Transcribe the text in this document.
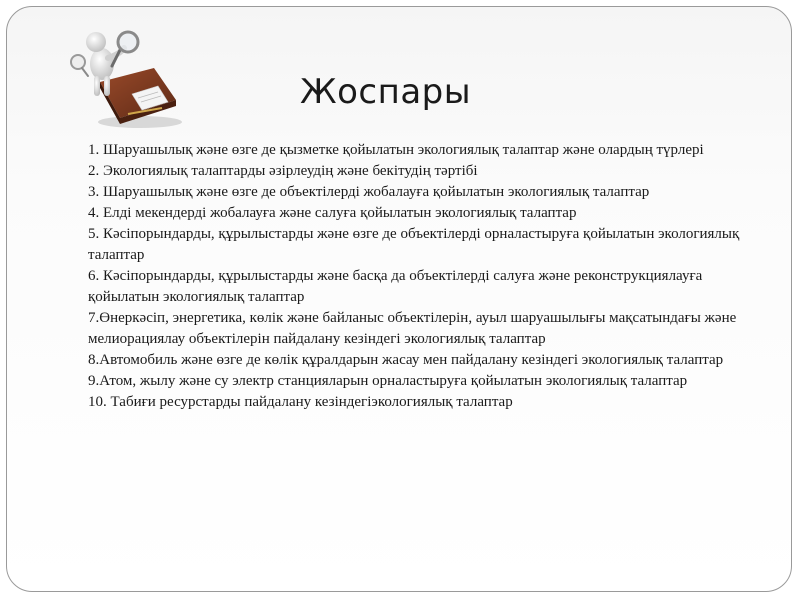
Жоспары
1. Шаруашылық және өзге де қызметке қойылатын экологиялық талаптар және олардың түрлері
2. Экологиялық талаптарды әзірлеудің және бекітудің тәртібі
3. Шаруашылық және өзге де объектілерді жобалауға қойылатын экологиялық талаптар
4. Елді мекендерді жобалауға және салуға қойылатын экологиялық талаптар
5. Кәсіпорындарды, құрылыстарды және өзге де объектілерді орналастыруға қойылатын экологиялық талаптар
6. Кәсіпорындарды, құрылыстарды және басқа да объектілерді салуға және реконструкциялауға қойылатын экологиялық талаптар
7.Өнеркәсіп, энергетика, көлік және байланыс объектілерін, ауыл шаруашылығы мақсатындағы және мелиорациялау объектілерін пайдалану кезіндегі экологиялық талаптар
8.Автомобиль және өзге де көлік құралдарын жасау мен пайдалану кезіндегі экологиялық талаптар
9.Атом, жылу және су электр станцияларын орналастыруға қойылатын экологиялық талаптар
10. Табиғи ресурстарды пайдалану кезіндегіэкологиялық талаптар
